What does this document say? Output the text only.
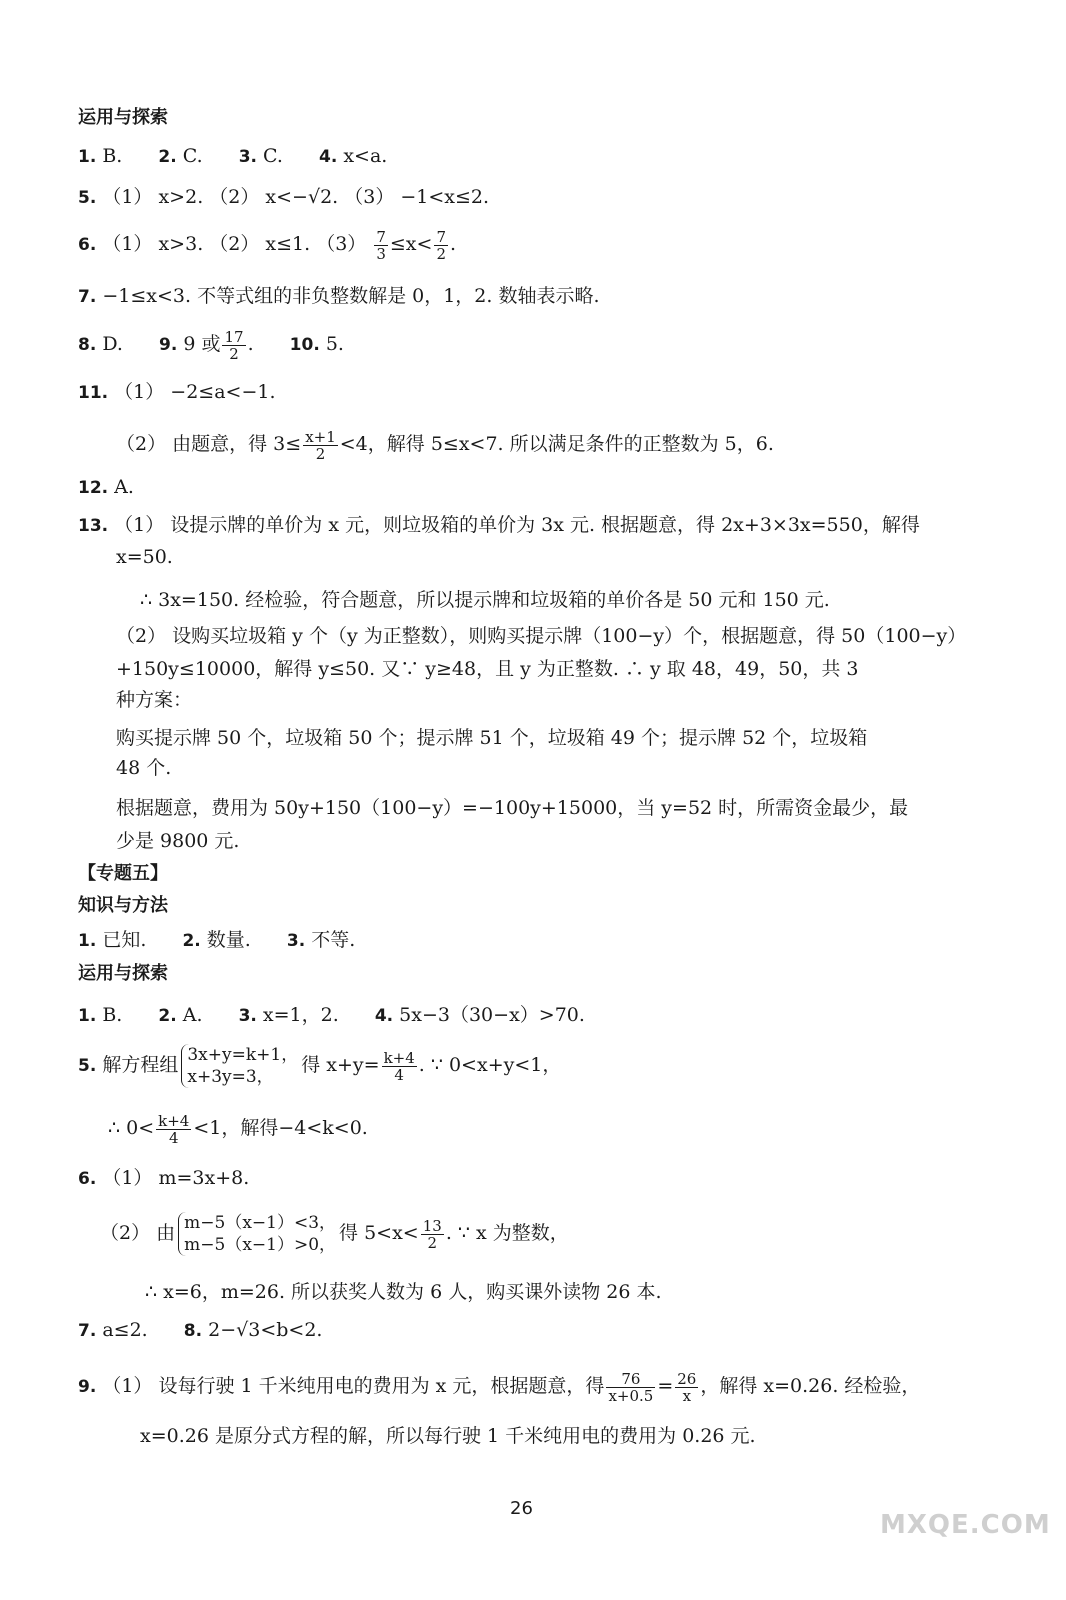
运用与探索
1. B. 2. C. 3. C. 4. x<a.
5. （1） x>2. （2） x<−√2. （3） −1<x≤2.
6. （1） x>3. （2） x≤1. $(3) \frac{7}{3} \le x< \frac{7}{2}$ .
7. −1≤x<3. 不等式组的非负整数解是 0，1，2. 数轴表示略.
8. D. 9. 9 或 $\frac{17}{2}$ . 10. 5.
11. （1） −2≤a<−1.
（2） 由题意，得 $3\le \frac{x+1}{2} <4$，解得 5≤x<7. 所以满足条件的正整数为 5，6.
12. A.
13. （1） 设提示牌的单价为 x 元，则垃圾箱的单价为 3x 元. 根据题意，得 2x+3×3x=550，解得
x=50.
∴ 3x=150. 经检验，符合题意，所以提示牌和垃圾箱的单价各是 50 元和 150 元.
（2） 设购买垃圾箱 y 个（y 为正整数），则购买提示牌（100−y）个，根据题意，得 50（100−y）
+150y≤10000，解得 y≤50. 又∵ y≥48，且 y 为正整数. ∴ y 取 48，49，50，共 3
种方案：
购买提示牌 50 个，垃圾箱 50 个；提示牌 51 个，垃圾箱 49 个；提示牌 52 个，垃圾箱
48 个.
根据题意，费用为 50y+150（100−y）=−100y+15000，当 y=52 时，所需资金最少，最
少是 9800 元.
【专题五】
知识与方法
1. 已知. 2. 数量. 3. 不等.
运用与探索
1. B. 2. A. 3. x=1，2. 4. 5x−3（30−x）>70.
5. 解方程组 3x+y=k+1，
x+3y=3，
得 $x+y= \frac{k+4}{4}$ . ∵ 0<x+y<1，
∴ $0< \frac{k+4}{4} <1$，解得−4<k<0.
6. （1） m=3x+8.
（2） 由 m−5（x−1）<3，
m−5（x−1）>0，
得 $5<x< \frac{13}{2}$ . ∵ x 为整数，
∴ x=6，m=26. 所以获奖人数为 6 人，购买课外读物 26 本.
7. a≤2. 8. 2−√3<b<2.
9. （1） 设每行驶 1 千米纯用电的费用为 x 元，根据题意，得 $\frac{76}{x+0.5} = \frac{26}{x}$ ，解得 x=0.26. 经检验，
x=0.26 是原分式方程的解，所以每行驶 1 千米纯用电的费用为 0.26 元.
26
MXQE.COM
